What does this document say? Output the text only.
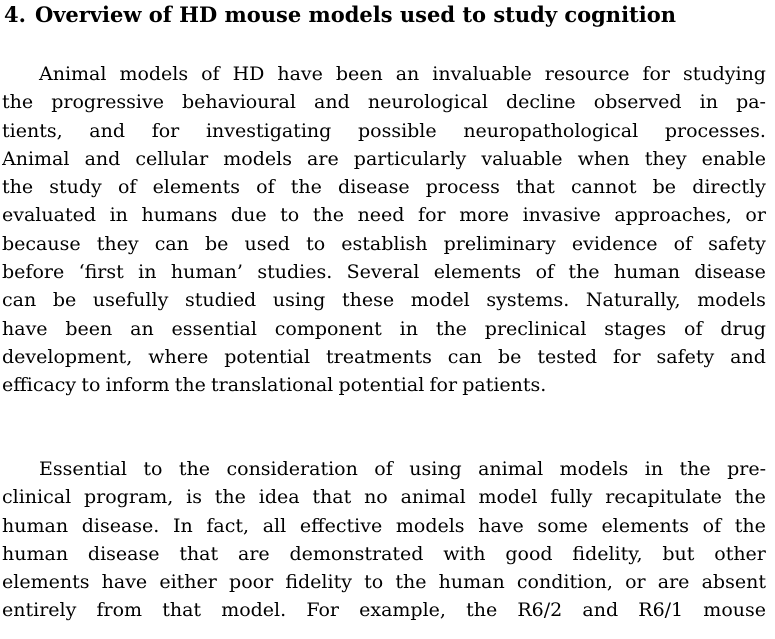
4. Overview of HD mouse models used to study cognition
Animal models of HD have been an invaluable resource for studying
the progressive behavioural and neurological decline observed in pa-
tients, and for investigating possible neuropathological processes.
Animal and cellular models are particularly valuable when they enable
the study of elements of the disease process that cannot be directly
evaluated in humans due to the need for more invasive approaches, or
because they can be used to establish preliminary evidence of safety
before ‘first in human’ studies. Several elements of the human disease
can be usefully studied using these model systems. Naturally, models
have been an essential component in the preclinical stages of drug
development, where potential treatments can be tested for safety and
efficacy to inform the translational potential for patients.
Essential to the consideration of using animal models in the pre-
clinical program, is the idea that no animal model fully recapitulate the
human disease. In fact, all effective models have some elements of the
human disease that are demonstrated with good fidelity, but other
elements have either poor fidelity to the human condition, or are absent
entirely from that model. For example, the R6/2 and R6/1 mouse
